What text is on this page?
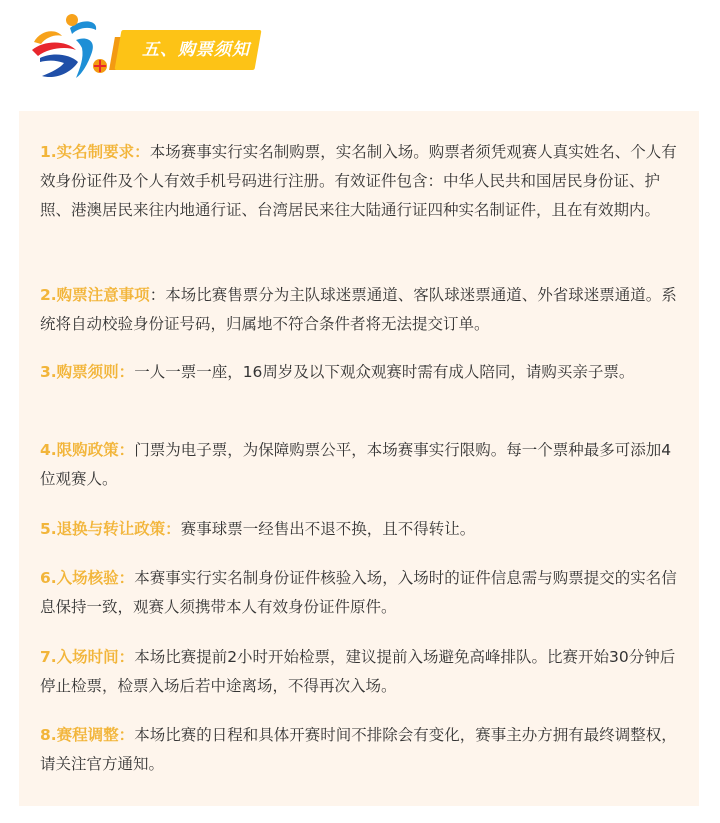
五、购票须知

1.实名制要求：本场赛事实行实名制购票，实名制入场。购票者须凭观赛人真实姓名、个人有效身份证件及个人有效手机号码进行注册。有效证件包含：中华人民共和国居民身份证、护照、港澳居民来往内地通行证、台湾居民来往大陆通行证四种实名制证件，且在有效期内。

2.购票注意事项：本场比赛售票分为主队球迷票通道、客队球迷票通道、外省球迷票通道。系统将自动校验身份证号码，归属地不符合条件者将无法提交订单。

3.购票须则：一人一票一座，16周岁及以下观众观赛时需有成人陪同，请购买亲子票。

4.限购政策：门票为电子票，为保障购票公平，本场赛事实行限购。每一个票种最多可添加4位观赛人。

5.退换与转让政策：赛事球票一经售出不退不换，且不得转让。

6.入场核验：本赛事实行实名制身份证件核验入场，入场时的证件信息需与购票提交的实名信息保持一致，观赛人须携带本人有效身份证件原件。

7.入场时间：本场比赛提前2小时开始检票，建议提前入场避免高峰排队。比赛开始30分钟后停止检票，检票入场后若中途离场，不得再次入场。

8.赛程调整：本场比赛的日程和具体开赛时间不排除会有变化，赛事主办方拥有最终调整权，请关注官方通知。
